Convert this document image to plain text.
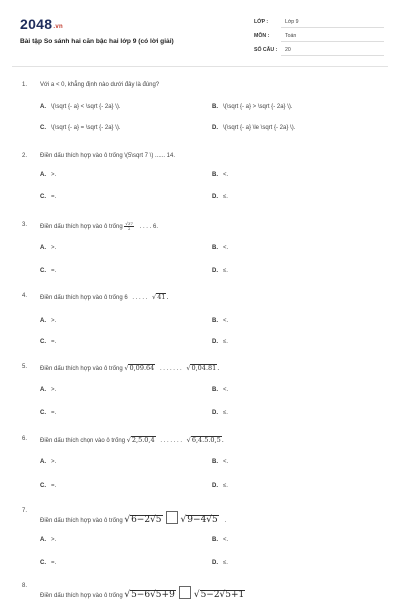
2048.vn
Bài tập So sánh hai căn bậc hai lớp 9 (có lời giải)
LỚP :	Lớp 9
MÔN :	Toán
SỐ CÂU : 20
1. Với a < 0, khẳng định nào dưới đây là đúng?
A. \(\sqrt {- a} < \sqrt {- 2a} \).	B. \(\sqrt {- a} > \sqrt {- 2a} \).
C. \(\sqrt {- a} = \sqrt {- 2a} \).	D. \(\sqrt {- a} \le \sqrt {- 2a} \).
2. Điền dấu thích hợp vào ô trống \(5\sqrt 7 \) ...... 14.
A. >.	B. <.
C. =.	D. ≤.
3. Điền dấu thích hợp vào ô trống $\frac{√37}{2}$ . . . . 6.
A. >.	B. <.
C. =.	D. ≤.
4. Điền dấu thích hợp vào ô trống 6 . . . . . √41.
A. >.	B. <.
C. =.	D. ≤.
5. Điền dấu thích hợp vào ô trống √0,09.64 . . . . . . . √0,04.81.
A. >.	B. <.
C. =.	D. ≤.
6. Điền dấu thích chọn vào ô trống √2,5.0,4 . . . . . . . √6,4.5.0,5.
A. >.	B. <.
C. =.	D. ≤.
7.
Điền dấu thích hợp vào ô trống √6−2√5 √9−4√5 .
A. >.	B. <.
C. =.	D. ≤.
8.
Điền dấu thích hợp vào ô trống √5−6√5+9 √5−2√5+1
